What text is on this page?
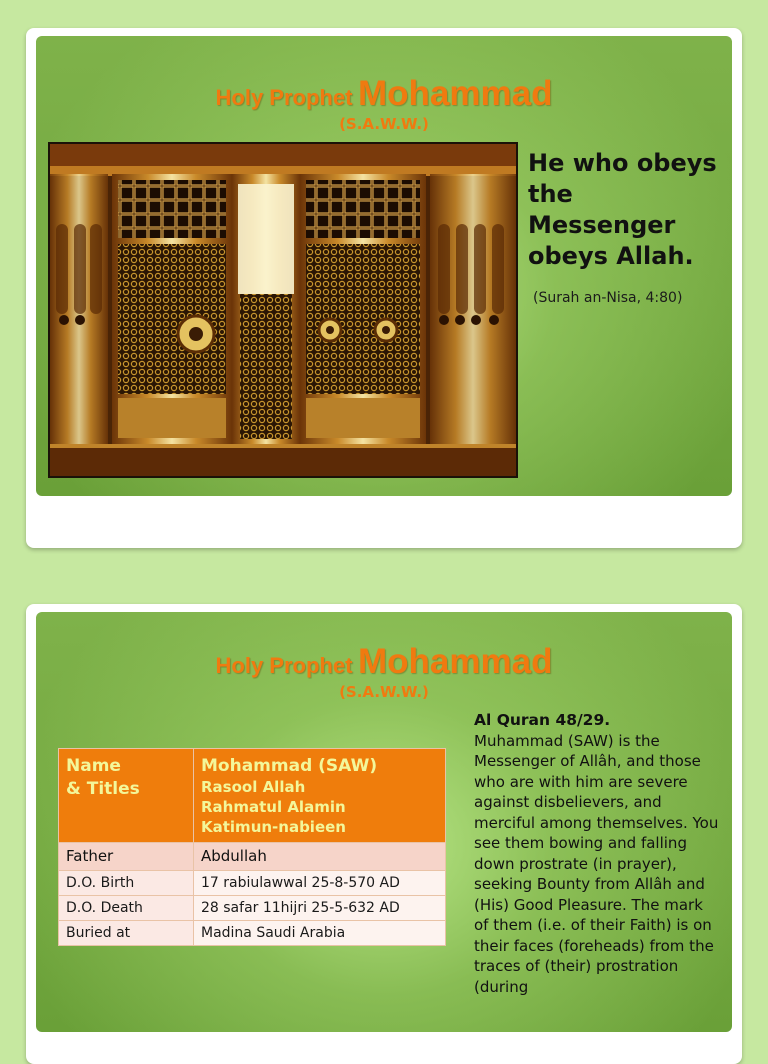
Holy Prophet Mohammad
(S.A.W.W.)
He who obeys the Messenger obeys Allah.
(Surah an-Nisa, 4:80)
Holy Prophet Mohammad
(S.A.W.W.)
Name
& Titles	Mohammad (SAW)
Rasool Allah
Rahmatul Alamin
Katimun-nabieen

Father	Abdullah
D.O. Birth	17 rabiulawwal 25-8-570 AD
D.O. Death	28 safar 11hijri 25-5-632 AD
Buried at	Madina Saudi Arabia
Al Quran 48/29.
Muhammad (SAW) is the Messenger of Allâh, and those who are with him are severe against disbelievers, and merciful among themselves. You see them bowing and falling down prostrate (in prayer), seeking Bounty from Allâh and (His) Good Pleasure. The mark of them (i.e. of their Faith) is on their faces (foreheads) from the traces of (their) prostration (during
